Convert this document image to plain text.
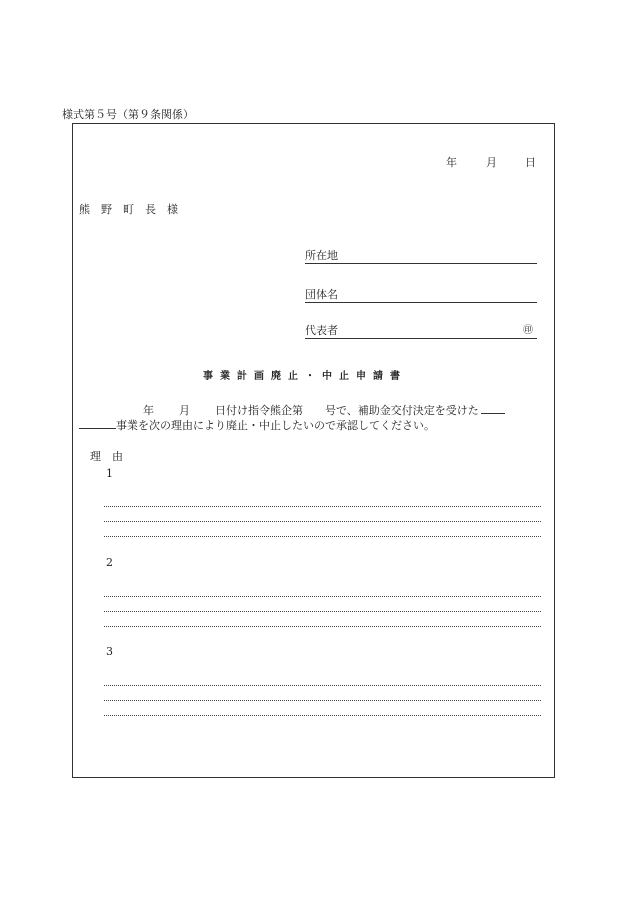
様式第５号（第９条関係）
年	月	日
熊野町長様
所在地
団体名
代表者	㊞
事業計画廃止・中止申請書
年 月 日付け指令熊企第　　号で、補助金交付決定を受けた
事業を次の理由により廃止・中止したいので承認してください。
理　由
1
2
3
